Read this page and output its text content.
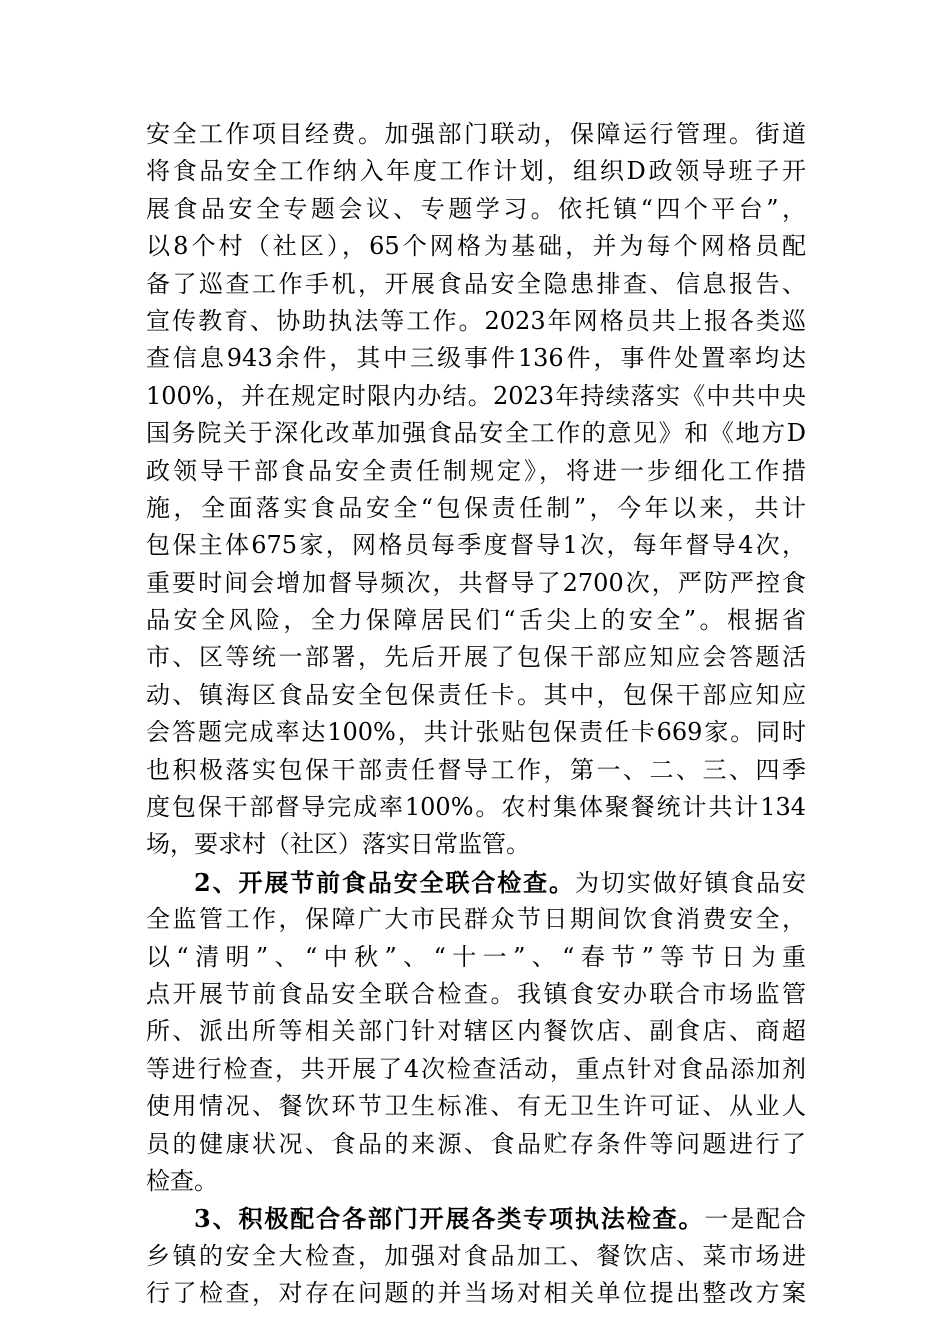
安全工作项目经费。加强部门联动，保障运行管理。街道
将食品安全工作纳入年度工作计划，组织D政领导班子开
展食品安全专题会议、专题学习。依托镇“四个平台”，
以8个村（社区），65个网格为基础，并为每个网格员配
备了巡查工作手机，开展食品安全隐患排查、信息报告、
宣传教育、协助执法等工作。2023年网格员共上报各类巡
查信息943余件，其中三级事件136件，事件处置率均达
100%，并在规定时限内办结。2023年持续落实《中共中央
国务院关于深化改革加强食品安全工作的意见》和《地方D
政领导干部食品安全责任制规定》，将进一步细化工作措
施，全面落实食品安全“包保责任制”，今年以来，共计
包保主体675家，网格员每季度督导1次，每年督导4次，
重要时间会增加督导频次，共督导了2700次，严防严控食
品安全风险，全力保障居民们“舌尖上的安全”。根据省
市、区等统一部署，先后开展了包保干部应知应会答题活
动、镇海区食品安全包保责任卡。其中，包保干部应知应
会答题完成率达100%，共计张贴包保责任卡669家。同时
也积极落实包保干部责任督导工作，第一、二、三、四季
度包保干部督导完成率100%。农村集体聚餐统计共计134
场，要求村（社区）落实日常监管。
2、开展节前食品安全联合检查。为切实做好镇食品安
全监管工作，保障广大市民群众节日期间饮食消费安全，
以“清明”、“中秋”、“十一”、“春节”等节日为重
点开展节前食品安全联合检查。我镇食安办联合市场监管
所、派出所等相关部门针对辖区内餐饮店、副食店、商超
等进行检查，共开展了4次检查活动，重点针对食品添加剂
使用情况、餐饮环节卫生标准、有无卫生许可证、从业人
员的健康状况、食品的来源、食品贮存条件等问题进行了
检查。
3、积极配合各部门开展各类专项执法检查。一是配合
乡镇的安全大检查，加强对食品加工、餐饮店、菜市场进
行了检查，对存在问题的并当场对相关单位提出整改方案
